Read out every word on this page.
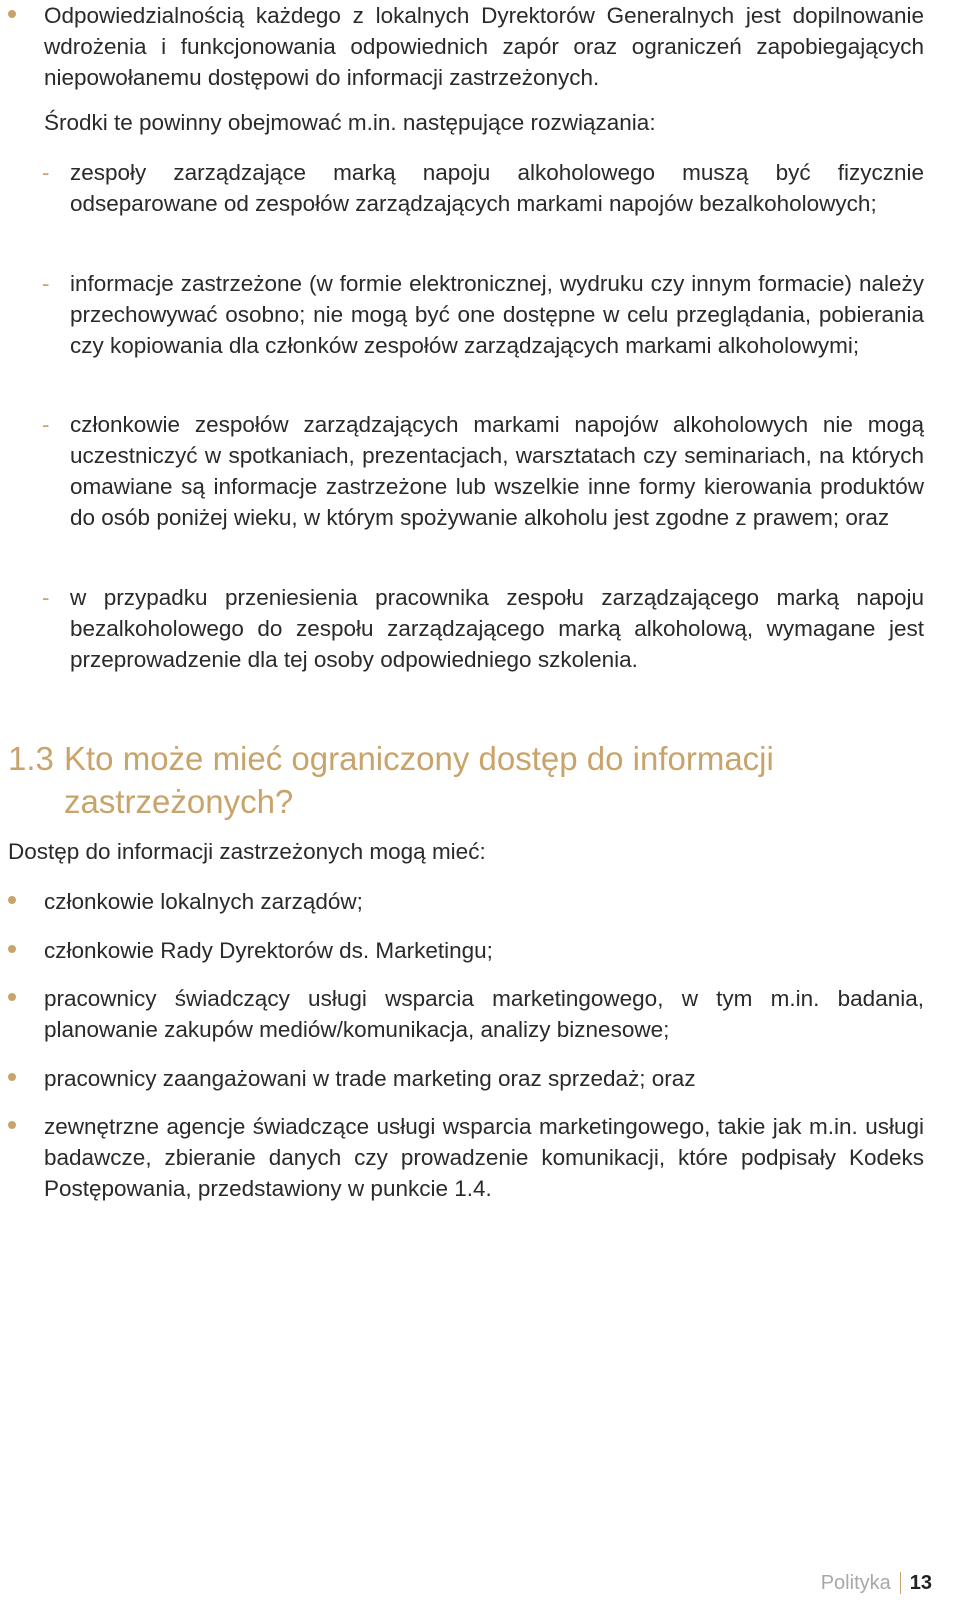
Odpowiedzialnością każdego z lokalnych Dyrektorów Generalnych jest dopilnowanie wdrożenia i funkcjonowania odpowiednich zapór oraz ograniczeń zapobiegających niepowołanemu dostępowi do informacji zastrzeżonych.

Środki te powinny obejmować m.in. następujące rozwiązania:

- zespoły zarządzające marką napoju alkoholowego muszą być fizycznie odseparowane od zespołów zarządzających markami napojów bezalkoholowych;

- informacje zastrzeżone (w formie elektronicznej, wydruku czy innym formacie) należy przechowywać osobno; nie mogą być one dostępne w celu przeglądania, pobierania czy kopiowania dla członków zespołów zarządzających markami alkoholowymi;

- członkowie zespołów zarządzających markami napojów alkoholowych nie mogą uczestniczyć w spotkaniach, prezentacjach, warsztatach czy seminariach, na których omawiane są informacje zastrzeżone lub wszelkie inne formy kierowania produktów do osób poniżej wieku, w którym spożywanie alkoholu jest zgodne z prawem; oraz

- w przypadku przeniesienia pracownika zespołu zarządzającego marką napoju bezalkoholowego do zespołu zarządzającego marką alkoholową, wymagane jest przeprowadzenie dla tej osoby odpowiedniego szkolenia.

1.3 Kto może mieć ograniczony dostęp do informacji
zastrzeżonych?

Dostęp do informacji zastrzeżonych mogą mieć:

członkowie lokalnych zarządów;

członkowie Rady Dyrektorów ds. Marketingu;

pracownicy świadczący usługi wsparcia marketingowego, w tym m.in. badania, planowanie zakupów mediów/komunikacja, analizy biznesowe;

pracownicy zaangażowani w trade marketing oraz sprzedaż; oraz

zewnętrzne agencje świadczące usługi wsparcia marketingowego, takie jak m.in. usługi badawcze, zbieranie danych czy prowadzenie komunikacji, które podpisały Kodeks Postępowania, przedstawiony w punkcie 1.4.

Polityka 13
